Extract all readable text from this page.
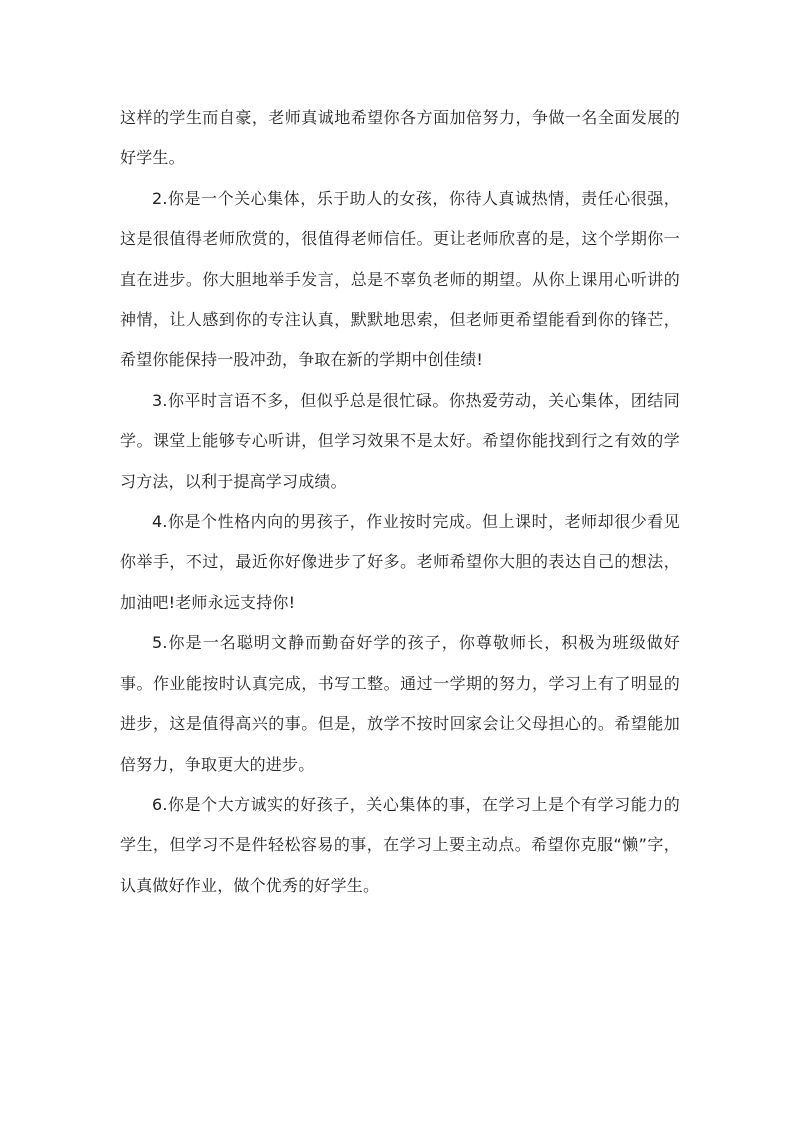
这样的学生而自豪，老师真诚地希望你各方面加倍努力，争做一名全面发展的好学生。

2.你是一个关心集体，乐于助人的女孩，你待人真诚热情，责任心很强，这是很值得老师欣赏的，很值得老师信任。更让老师欣喜的是，这个学期你一直在进步。你大胆地举手发言，总是不辜负老师的期望。从你上课用心听讲的神情，让人感到你的专注认真，默默地思索，但老师更希望能看到你的锋芒，希望你能保持一股冲劲，争取在新的学期中创佳绩!

3.你平时言语不多，但似乎总是很忙碌。你热爱劳动，关心集体，团结同学。课堂上能够专心听讲，但学习效果不是太好。希望你能找到行之有效的学习方法，以利于提高学习成绩。

4.你是个性格内向的男孩子，作业按时完成。但上课时，老师却很少看见你举手，不过，最近你好像进步了好多。老师希望你大胆的表达自己的想法，加油吧!老师永远支持你!

5.你是一名聪明文静而勤奋好学的孩子，你尊敬师长，积极为班级做好事。作业能按时认真完成，书写工整。通过一学期的努力，学习上有了明显的进步，这是值得高兴的事。但是，放学不按时回家会让父母担心的。希望能加倍努力，争取更大的进步。

6.你是个大方诚实的好孩子，关心集体的事，在学习上是个有学习能力的学生，但学习不是件轻松容易的事，在学习上要主动点。希望你克服“懒”字，认真做好作业，做个优秀的好学生。
